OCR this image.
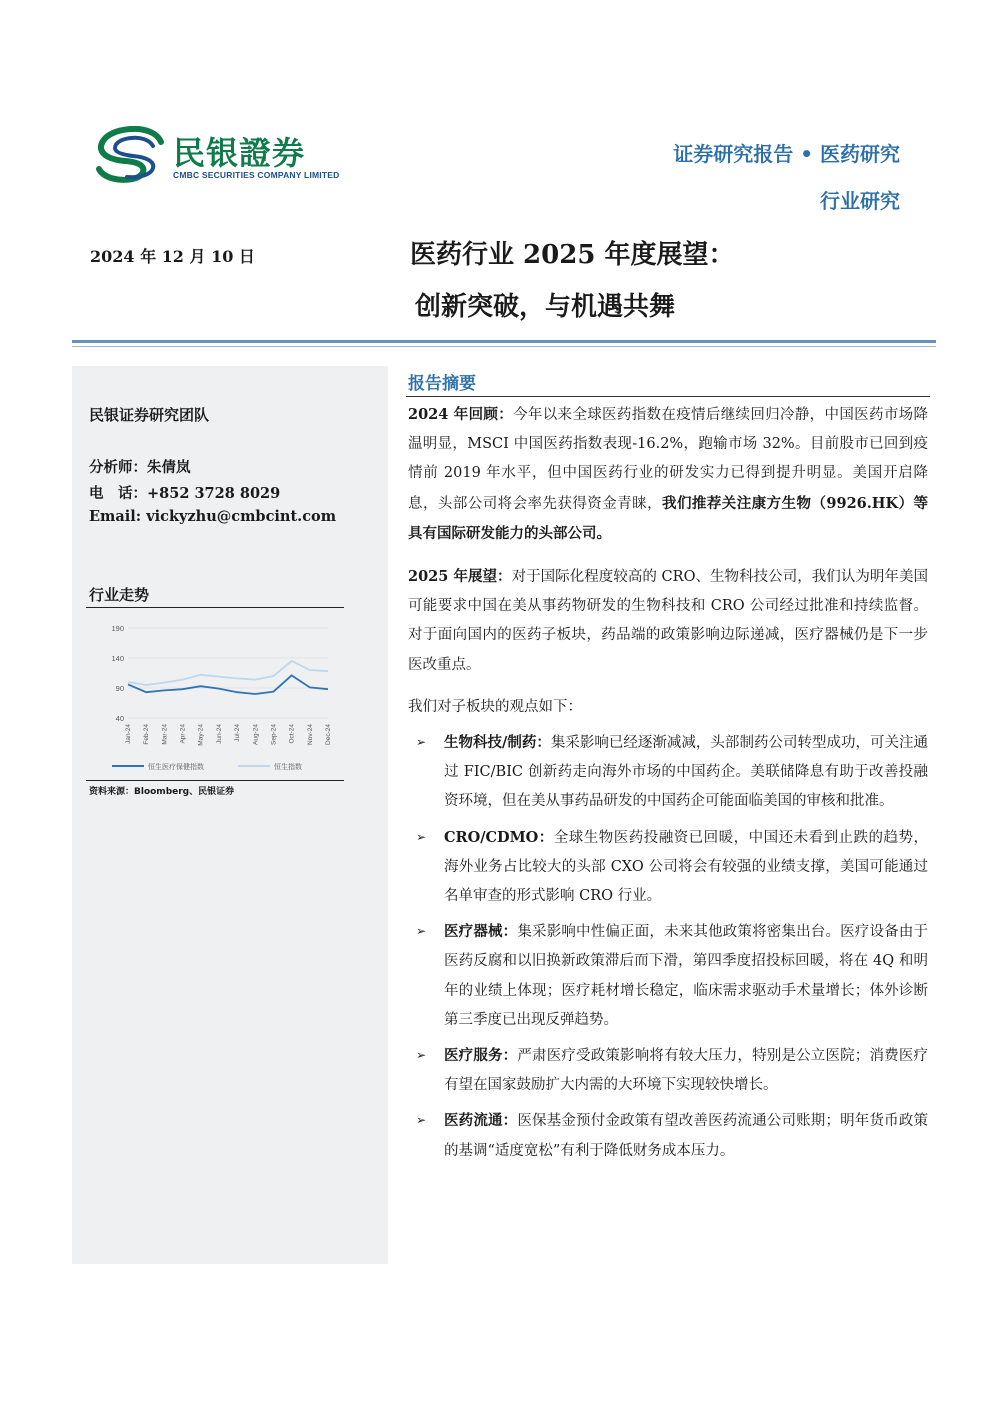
民银證券
CMBC SECURITIES COMPANY LIMITED
证券研究报告 • 医药研究
行业研究
2024 年 12 月 10 日	医药行业 2025 年度展望：
创新突破，与机遇共舞
民银证券研究团队
分析师：朱倩岚
电　话：+852 3728 8029
Email: vickyzhu@cmbcint.com
行业走势
40
90
140
190
Jan-24 Feb-24 Mar-24 Apr-24 May-24 Jun-24 Jul-24 Aug-24 Sep-24 Oct-24 Nov-24 Dec-24
恒生医疗保健指数	恒生指数
资料来源：Bloomberg、民银证券
报告摘要

2024 年回顾：今年以来全球医药指数在疫情后继续回归冷静，中国医药市场降温明显，MSCI 中国医药指数表现-16.2%，跑输市场 32%。目前股市已回到疫情前 2019 年水平，但中国医药行业的研发实力已得到提升明显。美国开启降息，头部公司将会率先获得资金青睐，我们推荐关注康方生物（9926.HK）等具有国际研发能力的头部公司。

2025 年展望：对于国际化程度较高的 CRO、生物科技公司，我们认为明年美国可能要求中国在美从事药物研发的生物科技和 CRO 公司经过批准和持续监督。对于面向国内的医药子板块，药品端的政策影响边际递减，医疗器械仍是下一步医改重点。

我们对子板块的观点如下：

➢ 生物科技/制药：集采影响已经逐渐减减，头部制药公司转型成功，可关注通过 FIC/BIC 创新药走向海外市场的中国药企。美联储降息有助于改善投融资环境，但在美从事药品研发的中国药企可能面临美国的审核和批准。

➢ CRO/CDMO：全球生物医药投融资已回暖，中国还未看到止跌的趋势，海外业务占比较大的头部 CXO 公司将会有较强的业绩支撑，美国可能通过名单审查的形式影响 CRO 行业。

➢ 医疗器械：集采影响中性偏正面，未来其他政策将密集出台。医疗设备由于医药反腐和以旧换新政策滞后而下滑，第四季度招投标回暖，将在 4Q 和明年的业绩上体现；医疗耗材增长稳定，临床需求驱动手术量增长；体外诊断第三季度已出现反弹趋势。

➢ 医疗服务：严肃医疗受政策影响将有较大压力，特别是公立医院；消费医疗有望在国家鼓励扩大内需的大环境下实现较快增长。

➢ 医药流通：医保基金预付金政策有望改善医药流通公司账期；明年货币政策的基调“适度宽松”有利于降低财务成本压力。
